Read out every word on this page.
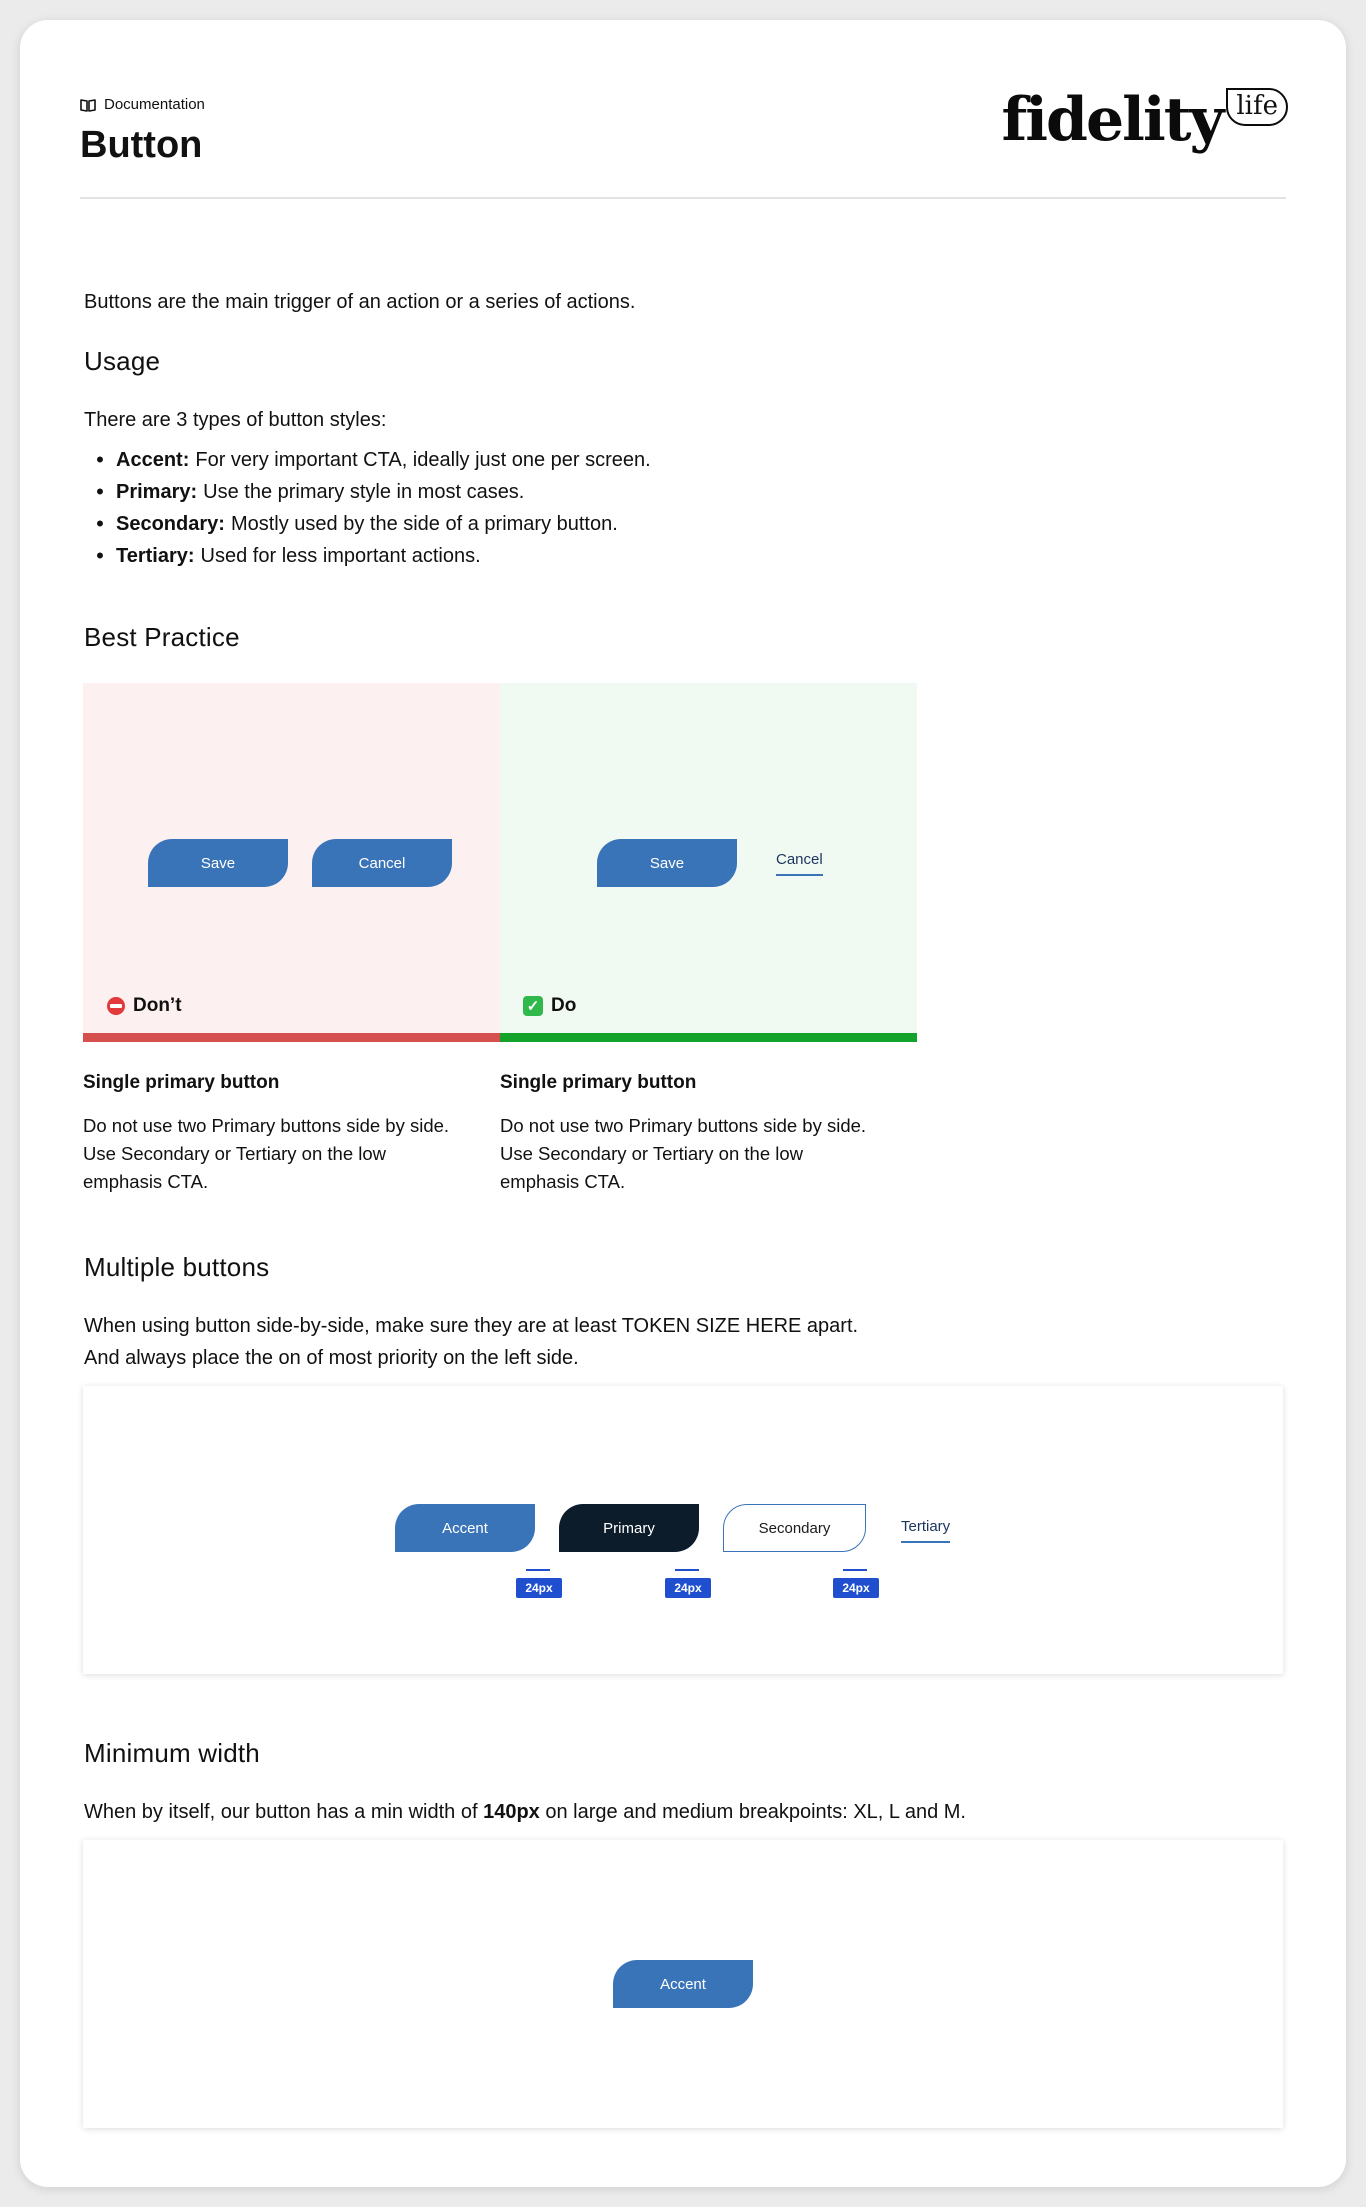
Documentation
Button	fidelity life
Buttons are the main trigger of an action or a series of actions.
Usage
There are 3 types of button styles:
• Accent: For very important CTA, ideally just one per screen.
• Primary: Use the primary style in most cases.
• Secondary: Mostly used by the side of a primary button.
• Tertiary: Used for less important actions.
Best Practice
Save	Cancel
Don’t
Save	Cancel
✓ Do
Single primary button
Do not use two Primary buttons side by side. Use Secondary or Tertiary on the low emphasis CTA.
Single primary button
Do not use two Primary buttons side by side. Use Secondary or Tertiary on the low emphasis CTA.
Multiple buttons
When using button side-by-side, make sure they are at least TOKEN SIZE HERE apart.
And always place the on of most priority on the left side.
Accent	Primary	Secondary	Tertiary
24px	24px	24px
Minimum width
When by itself, our button has a min width of 140px on large and medium breakpoints: XL, L and M.
Accent
